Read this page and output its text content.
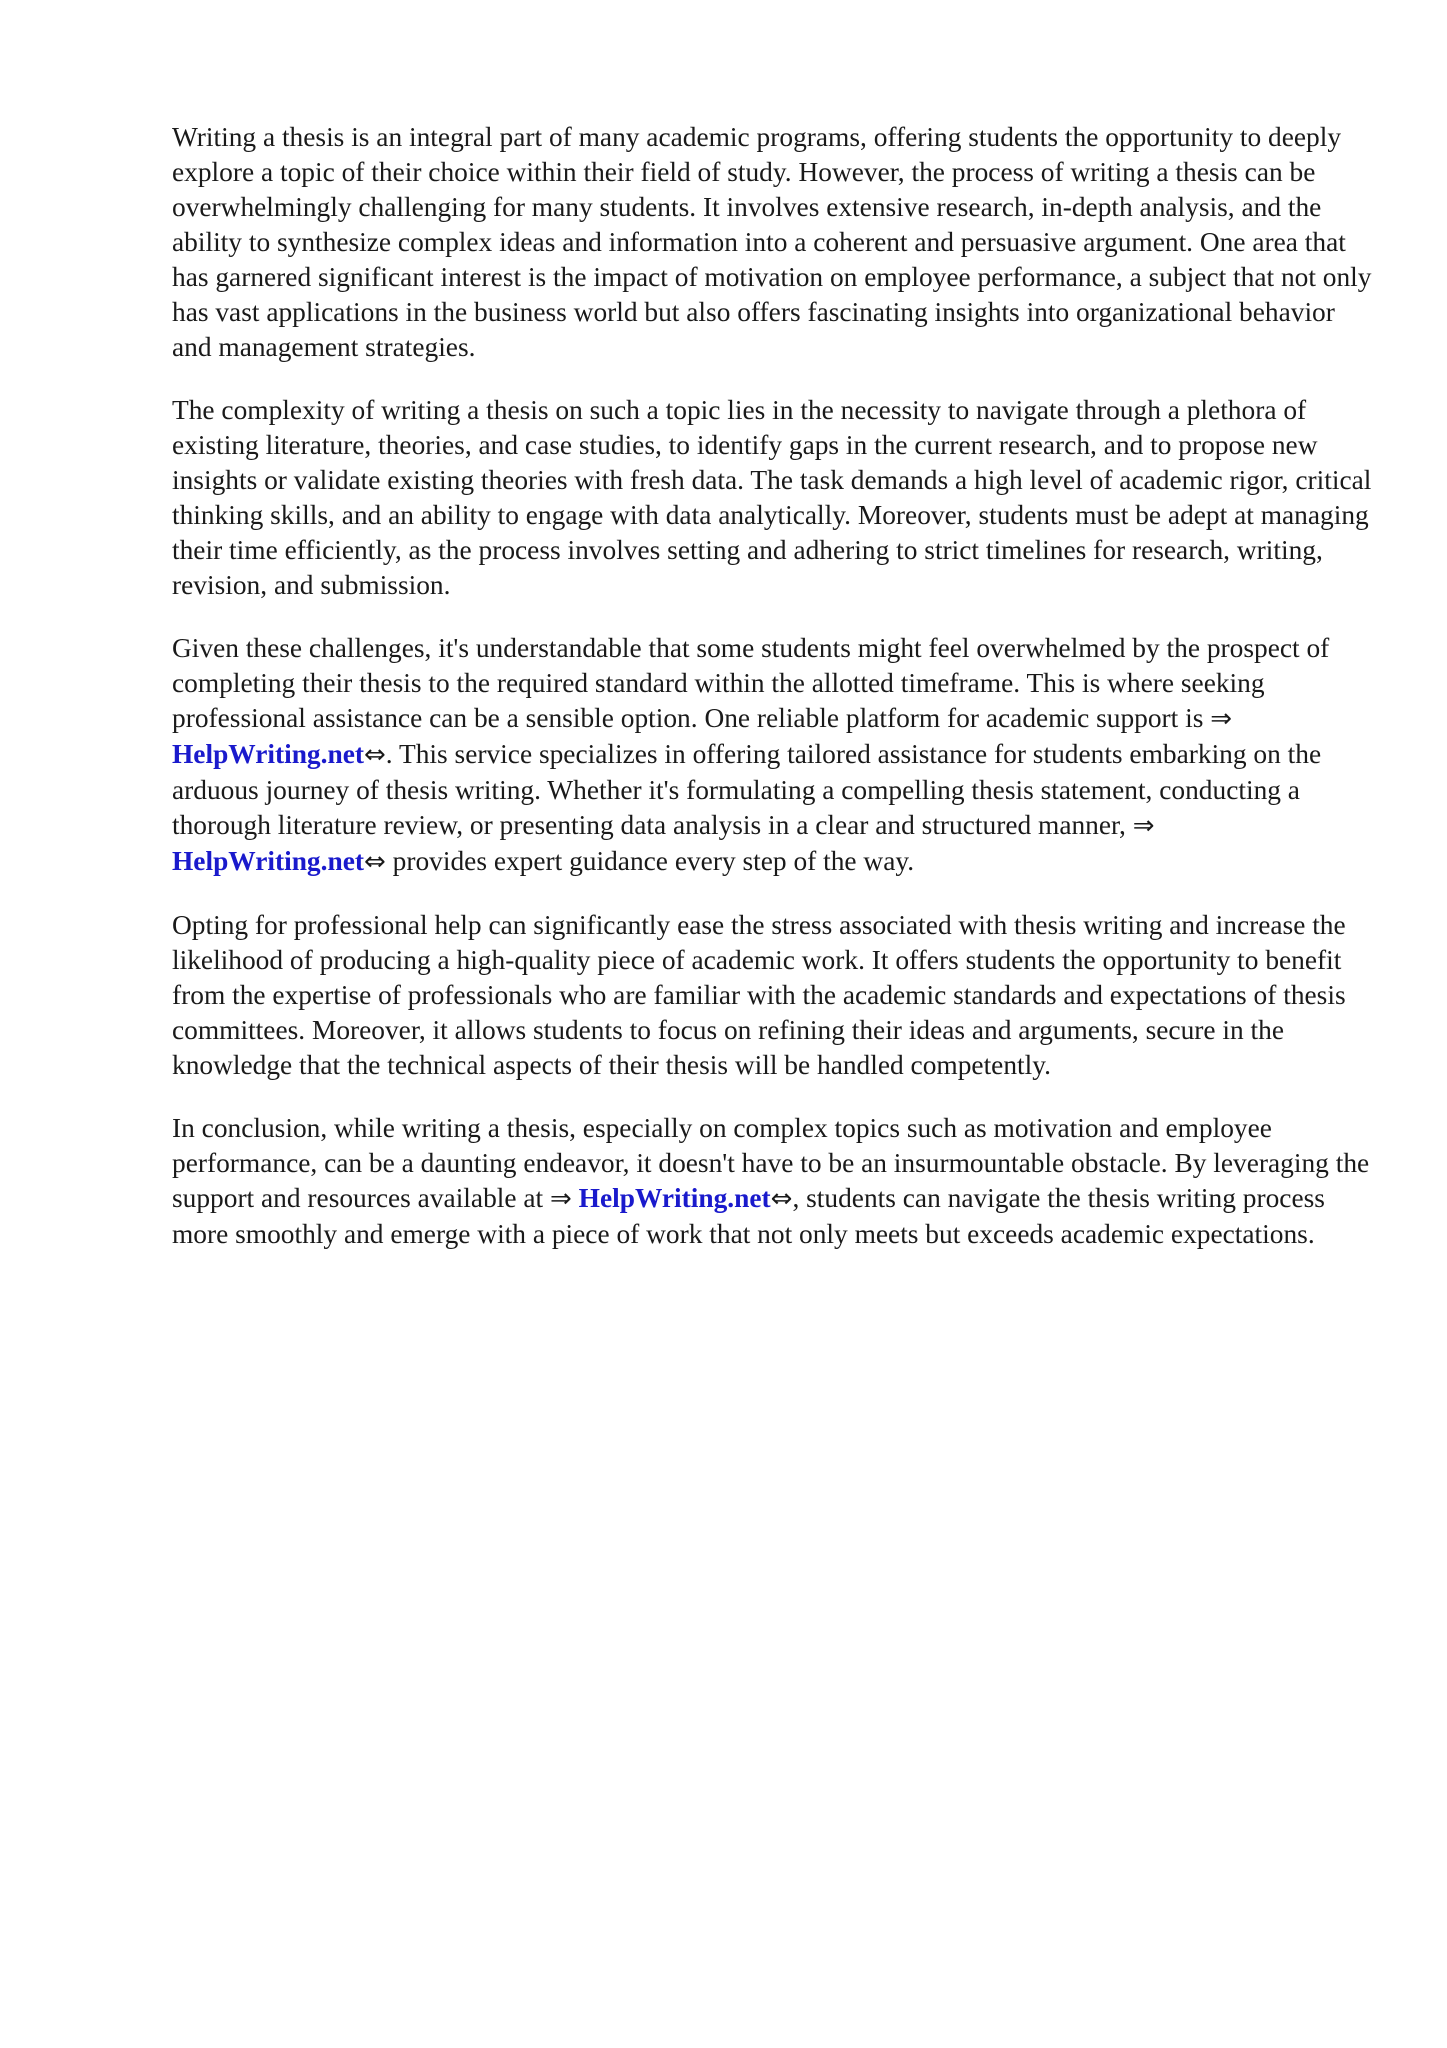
Writing a thesis is an integral part of many academic programs, offering students the opportunity to deeply explore a topic of their choice within their field of study. However, the process of writing a thesis can be overwhelmingly challenging for many students. It involves extensive research, in-depth analysis, and the ability to synthesize complex ideas and information into a coherent and persuasive argument. One area that has garnered significant interest is the impact of motivation on employee performance, a subject that not only has vast applications in the business world but also offers fascinating insights into organizational behavior and management strategies.

The complexity of writing a thesis on such a topic lies in the necessity to navigate through a plethora of existing literature, theories, and case studies, to identify gaps in the current research, and to propose new insights or validate existing theories with fresh data. The task demands a high level of academic rigor, critical thinking skills, and an ability to engage with data analytically. Moreover, students must be adept at managing their time efficiently, as the process involves setting and adhering to strict timelines for research, writing, revision, and submission.

Given these challenges, it's understandable that some students might feel overwhelmed by the prospect of completing their thesis to the required standard within the allotted timeframe. This is where seeking professional assistance can be a sensible option. One reliable platform for academic support is ⇒ HelpWriting.net⇔. This service specializes in offering tailored assistance for students embarking on the arduous journey of thesis writing. Whether it's formulating a compelling thesis statement, conducting a thorough literature review, or presenting data analysis in a clear and structured manner, ⇒ HelpWriting.net⇔ provides expert guidance every step of the way.

Opting for professional help can significantly ease the stress associated with thesis writing and increase the likelihood of producing a high-quality piece of academic work. It offers students the opportunity to benefit from the expertise of professionals who are familiar with the academic standards and expectations of thesis committees. Moreover, it allows students to focus on refining their ideas and arguments, secure in the knowledge that the technical aspects of their thesis will be handled competently.

In conclusion, while writing a thesis, especially on complex topics such as motivation and employee performance, can be a daunting endeavor, it doesn't have to be an insurmountable obstacle. By leveraging the support and resources available at ⇒ HelpWriting.net⇔, students can navigate the thesis writing process more smoothly and emerge with a piece of work that not only meets but exceeds academic expectations.
